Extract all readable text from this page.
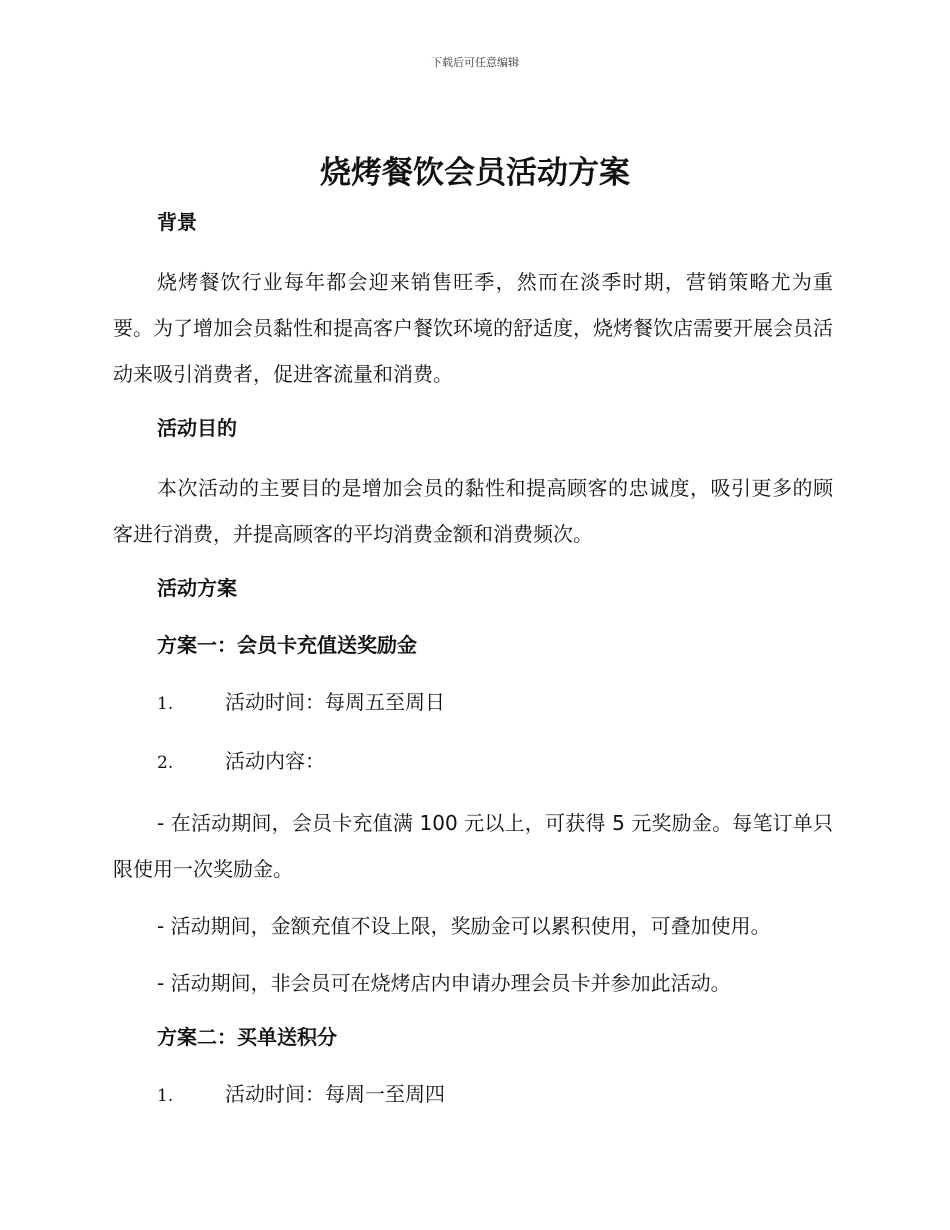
下载后可任意编辑
烧烤餐饮会员活动方案
背景

烧烤餐饮行业每年都会迎来销售旺季，然而在淡季时期，营销策略尤为重要。为了增加会员黏性和提高客户餐饮环境的舒适度，烧烤餐饮店需要开展会员活动来吸引消费者，促进客流量和消费。

活动目的

本次活动的主要目的是增加会员的黏性和提高顾客的忠诚度，吸引更多的顾客进行消费，并提高顾客的平均消费金额和消费频次。

活动方案
方案一：会员卡充值送奖励金
1.	活动时间：每周五至周日
2.	活动内容：

- 在活动期间，会员卡充值满 100 元以上，可获得 5 元奖励金。每笔订单只限使用一次奖励金。

- 活动期间，金额充值不设上限，奖励金可以累积使用，可叠加使用。

- 活动期间，非会员可在烧烤店内申请办理会员卡并参加此活动。

方案二：买单送积分
1.	活动时间：每周一至周四
